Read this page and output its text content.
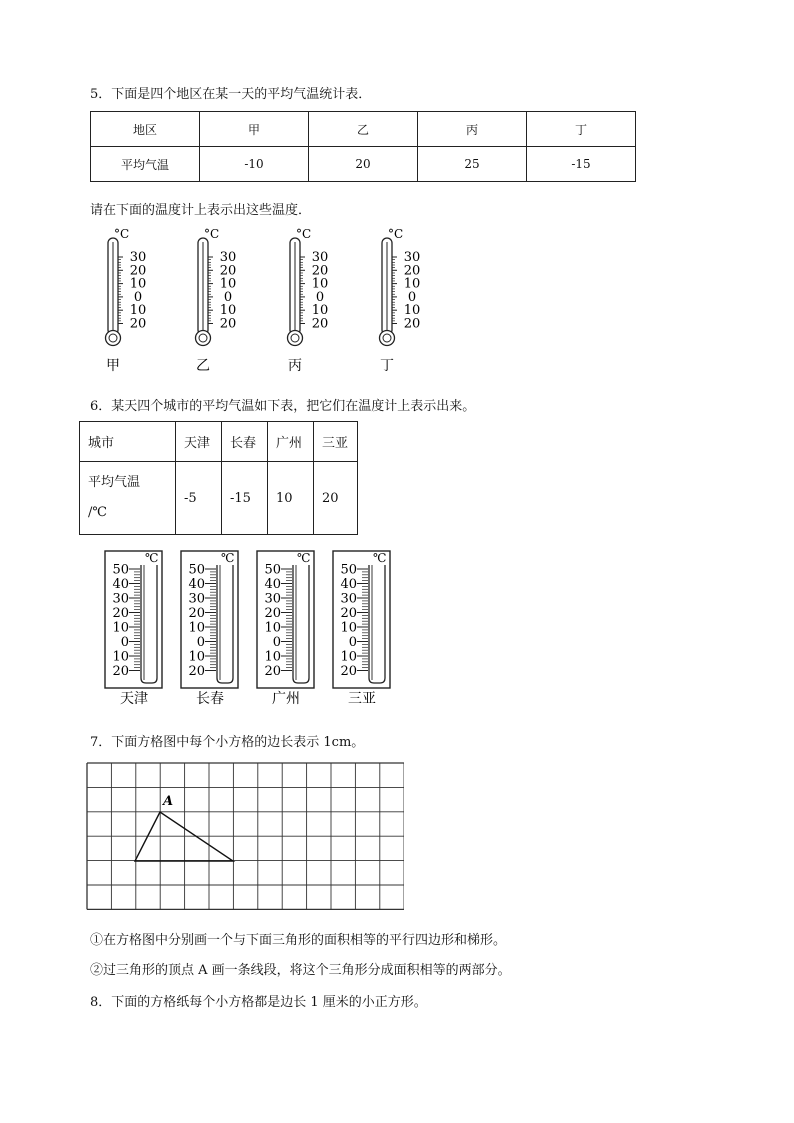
5．下面是四个地区在某一天的平均气温统计表．
地区	甲	乙	丙	丁
平均气温	-10	20	25	-15
请在下面的温度计上表示出这些温度．
°C
30
20
10
0
10
20
甲
°C
30
20
10
0
10
20
乙
°C
30
20
10
0
10
20
丙
°C
30
20
10
0
10
20
丁
6．某天四个城市的平均气温如下表，把它们在温度计上表示出来。
城市	天津	长春	广州	三亚

平均气温
/℃	-5	-15	10	20
℃
50
40
30
20
10
0
10
20
天津
℃
50
40
30
20
10
0
10
20
长春
℃
50
40
30
20
10
0
10
20
广州
℃
50
40
30
20
10
0
10
20
三亚
7．下面方格图中每个小方格的边长表示 1cm。
A
①在方格图中分别画一个与下面三角形的面积相等的平行四边形和梯形。
②过三角形的顶点 A 画一条线段，将这个三角形分成面积相等的两部分。
8．下面的方格纸每个小方格都是边长 1 厘米的小正方形。
